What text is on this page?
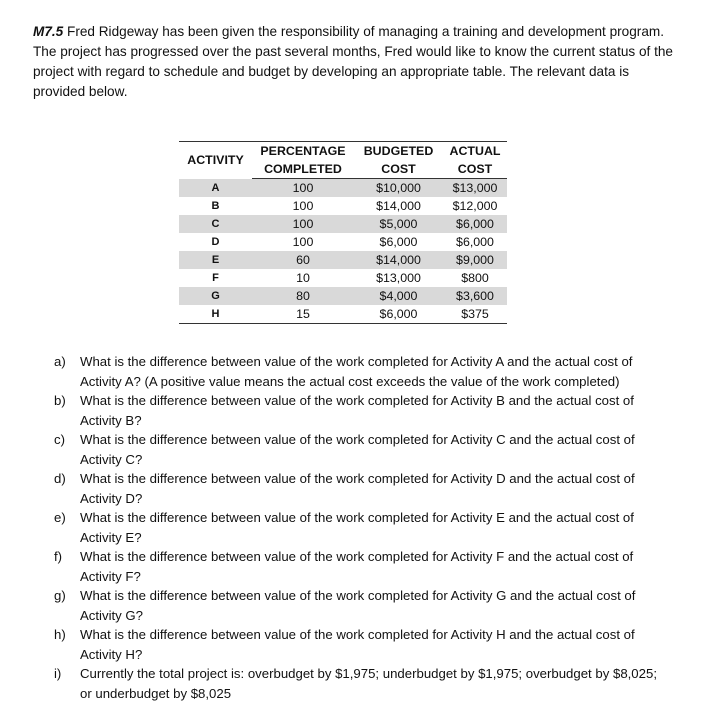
M7.5 Fred Ridgeway has been given the responsibility of managing a training and development program. The project has progressed over the past several months, Fred would like to know the current status of the project with regard to schedule and budget by developing an appropriate table. The relevant data is provided below.
ACTIVITY	PERCENTAGE	BUDGETED	ACTUAL
	COMPLETED	COST	COST
A	100	$10,000	$13,000
B	100	$14,000	$12,000
C	100	$5,000	$6,000
D	100	$6,000	$6,000
E	60	$14,000	$9,000
F	10	$13,000	$800
G	80	$4,000	$3,600
H	15	$6,000	$375
a) What is the difference between value of the work completed for Activity A and the actual cost of Activity A? (A positive value means the actual cost exceeds the value of the work completed)
b) What is the difference between value of the work completed for Activity B and the actual cost of Activity B?
c) What is the difference between value of the work completed for Activity C and the actual cost of Activity C?
d) What is the difference between value of the work completed for Activity D and the actual cost of Activity D?
e) What is the difference between value of the work completed for Activity E and the actual cost of Activity E?
f) What is the difference between value of the work completed for Activity F and the actual cost of Activity F?
g) What is the difference between value of the work completed for Activity G and the actual cost of Activity G?
h) What is the difference between value of the work completed for Activity H and the actual cost of Activity H?
i) Currently the total project is: overbudget by $1,975; underbudget by $1,975; overbudget by $8,025; or underbudget by $8,025
